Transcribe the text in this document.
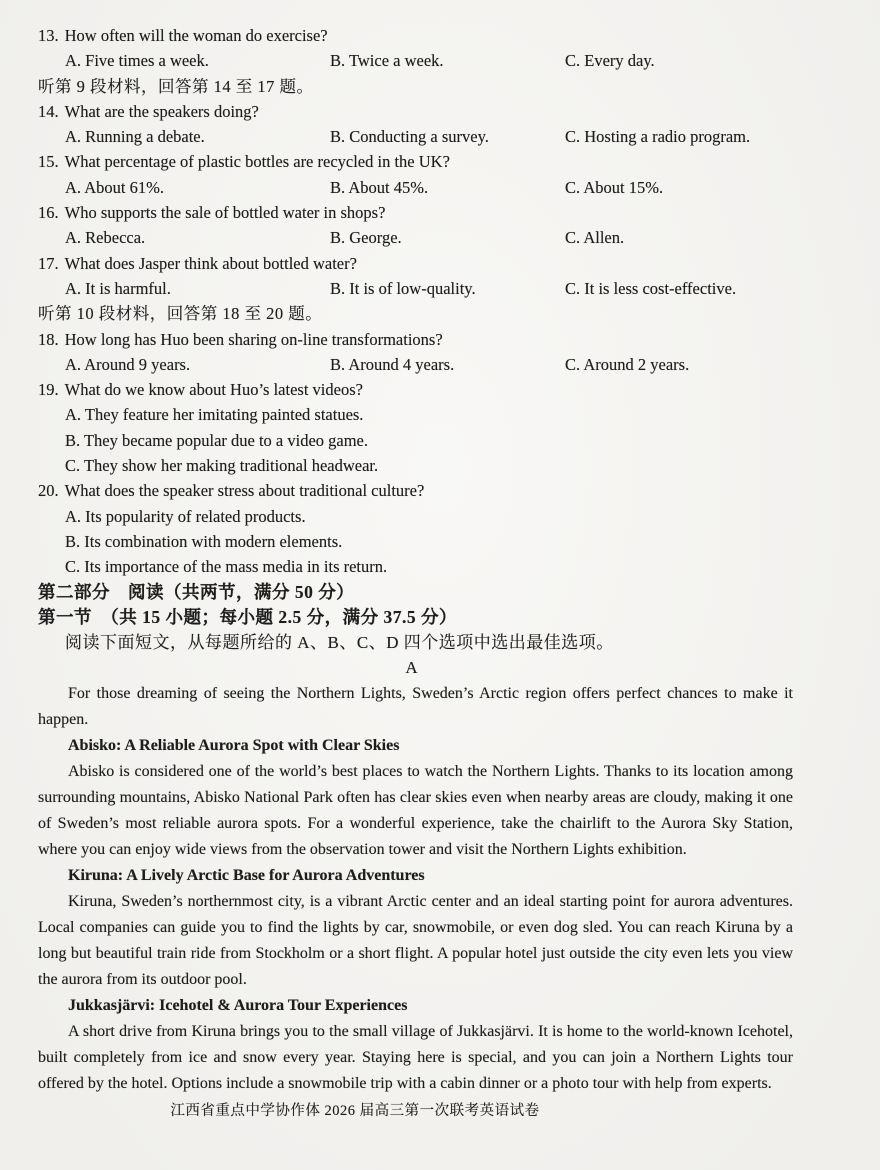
13. How often will the woman do exercise?
A. Five times a week.	B. Twice a week.	C. Every day.
听第 9 段材料，回答第 14 至 17 题。
14. What are the speakers doing?
A. Running a debate.	B. Conducting a survey.	C. Hosting a radio program.
15. What percentage of plastic bottles are recycled in the UK?
A. About 61%.	B. About 45%.	C. About 15%.
16. Who supports the sale of bottled water in shops?
A. Rebecca.	B. George.	C. Allen.
17. What does Jasper think about bottled water?
A. It is harmful.	B. It is of low-quality.	C. It is less cost-effective.
听第 10 段材料，回答第 18 至 20 题。
18. How long has Huo been sharing on-line transformations?
A. Around 9 years.	B. Around 4 years.	C. Around 2 years.
19. What do we know about Huo’s latest videos?
A. They feature her imitating painted statues.
B. They became popular due to a video game.
C. They show her making traditional headwear.
20. What does the speaker stress about traditional culture?
A. Its popularity of related products.
B. Its combination with modern elements.
C. Its importance of the mass media in its return.
第二部分　阅读（共两节，满分 50 分）
第一节　（共 15 小题；每小题 2.5 分，满分 37.5 分）
阅读下面短文，从每题所给的 A、B、C、D 四个选项中选出最佳选项。
A

For those dreaming of seeing the Northern Lights, Sweden’s Arctic region offers perfect chances to make it happen.

Abisko: A Reliable Aurora Spot with Clear Skies

Abisko is considered one of the world’s best places to watch the Northern Lights. Thanks to its location among surrounding mountains, Abisko National Park often has clear skies even when nearby areas are cloudy, making it one of Sweden’s most reliable aurora spots. For a wonderful experience, take the chairlift to the Aurora Sky Station, where you can enjoy wide views from the observation tower and visit the Northern Lights exhibition.

Kiruna: A Lively Arctic Base for Aurora Adventures

Kiruna, Sweden’s northernmost city, is a vibrant Arctic center and an ideal starting point for aurora adventures. Local companies can guide you to find the lights by car, snowmobile, or even dog sled. You can reach Kiruna by a long but beautiful train ride from Stockholm or a short flight. A popular hotel just outside the city even lets you view the aurora from its outdoor pool.

Jukkasjärvi: Icehotel & Aurora Tour Experiences

A short drive from Kiruna brings you to the small village of Jukkasjärvi. It is home to the world-known Icehotel, built completely from ice and snow every year. Staying here is special, and you can join a Northern Lights tour offered by the hotel. Options include a snowmobile trip with a cabin dinner or a photo tour with help from experts.

江西省重点中学协作体 2026 届高三第一次联考英语试卷
